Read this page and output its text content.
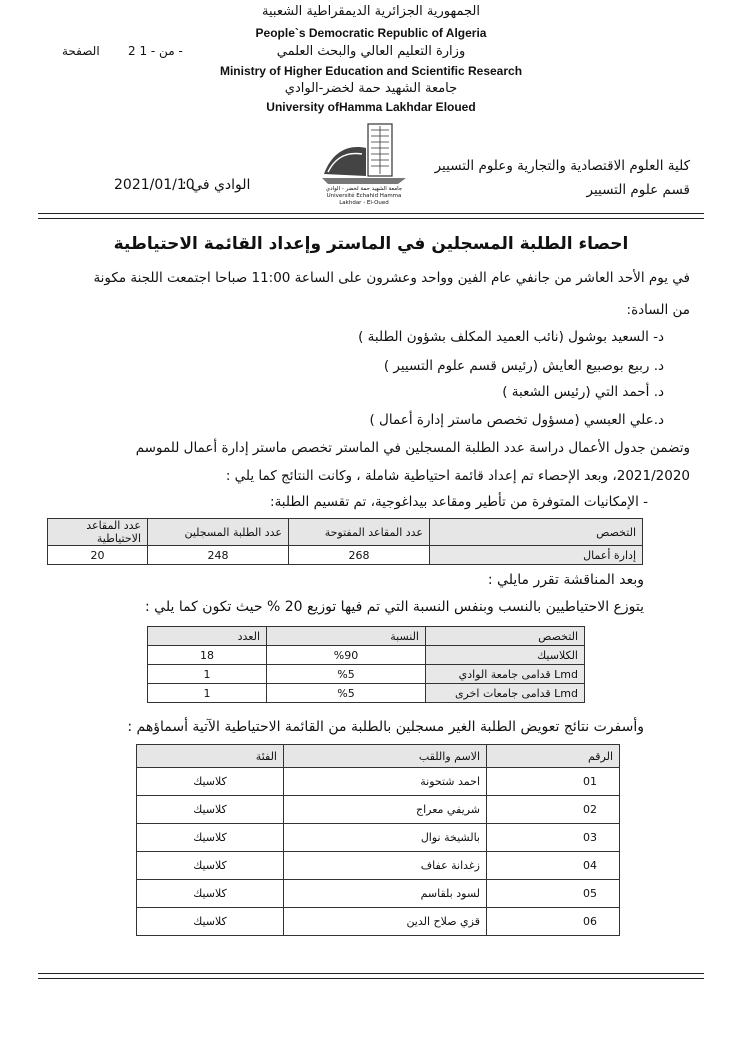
الجمهورية الجزائرية الديمقراطية الشعبية
People`s Democratic Republic of Algeria
وزارة التعليم العالي والبحث العلمي
Ministry of Higher Education and Scientific Research
جامعة الشهيد حمة لخضر-الوادي
University ofHamma Lakhdar Eloued
الصفحة 2 من - 1 -
جامعة الشهيد حمة لخضر - الوادي
Université Echahid Hamma Lakhdar - El-Oued
كلية العلوم الاقتصادية والتجارية وعلوم التسيير
قسم علوم التسيير
الوادي في :
2021/01/10
احصاء الطلبة المسجلين في الماستر وإعداد القائمة الاحتياطية
في يوم الأحد العاشر من جانفي عام الفين وواحد وعشرون على الساعة 11:00 صباحا اجتمعت اللجنة مكونة
من السادة:
د- السعيد بوشول (نائب العميد المكلف بشؤون الطلبة )
د. ربيع بوصبيع العايش (رئيس قسم علوم التسيير )
د. أحمد التي (رئيس الشعبة )
د.علي العبسي (مسؤول تخصص ماستر إدارة أعمال )
وتضمن جدول الأعمال دراسة عدد الطلبة المسجلين في الماستر تخصص ماستر إدارة أعمال للموسم
2021/2020، وبعد الإحصاء تم إعداد قائمة احتياطية شاملة ، وكانت النتائج كما يلي :
- الإمكانيات المتوفرة من تأطير ومقاعد بيداغوجية، تم تقسيم الطلبة:
التخصص	عدد المقاعد المفتوحة	عدد الطلبة المسجلين	عدد المقاعد الاحتياطية
إدارة أعمال	268	248	20
وبعد المناقشة تقرر مايلي :
يتوزع الاحتياطيين بالنسب وبنفس النسبة التي تم فيها توزيع 20 % حيث تكون كما يلي :
التخصص	النسبة	العدد
الكلاسيك	%90	18
Lmd قدامى جامعة الوادي	%5	1
Lmd قدامى جامعات اخرى	%5	1
وأسفرت نتائج تعويض الطلبة الغير مسجلين بالطلبة من القائمة الاحتياطية الآتية أسماؤهم :
الرقم	الاسم واللقب	الفئة
01	احمد شتحونة	كلاسيك
02	شريفي معراج	كلاسيك
03	بالشيخة نوال	كلاسيك
04	زغدانة عفاف	كلاسيك
05	لسود بلقاسم	كلاسيك
06	قزي صلاح الدين	كلاسيك
